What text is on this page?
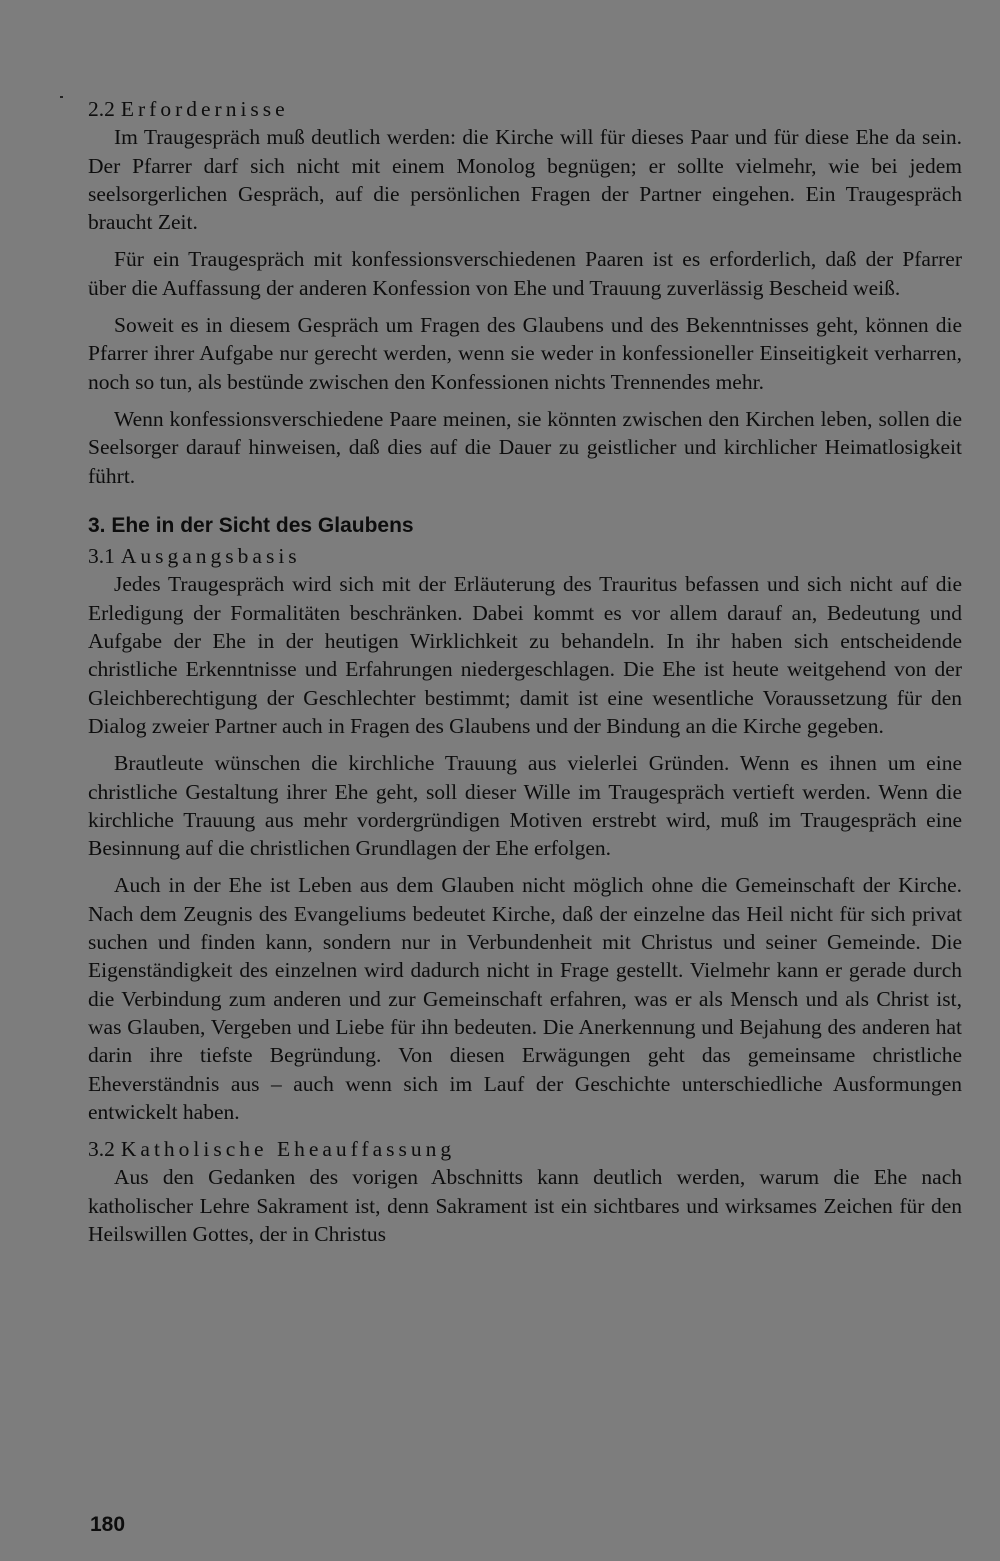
2.2 Erfordernisse

Im Traugespräch muß deutlich werden: die Kirche will für dieses Paar und für diese Ehe da sein. Der Pfarrer darf sich nicht mit einem Monolog begnügen; er sollte vielmehr, wie bei jedem seelsorgerlichen Gespräch, auf die persönlichen Fragen der Partner eingehen. Ein Traugespräch braucht Zeit.

Für ein Traugespräch mit konfessionsverschiedenen Paaren ist es erforderlich, daß der Pfarrer über die Auffassung der anderen Konfession von Ehe und Trauung zuverlässig Bescheid weiß.

Soweit es in diesem Gespräch um Fragen des Glaubens und des Bekenntnisses geht, können die Pfarrer ihrer Aufgabe nur gerecht werden, wenn sie weder in konfessioneller Einseitigkeit verharren, noch so tun, als bestünde zwischen den Konfessionen nichts Trennendes mehr.

Wenn konfessionsverschiedene Paare meinen, sie könnten zwischen den Kirchen leben, sollen die Seelsorger darauf hinweisen, daß dies auf die Dauer zu geistlicher und kirchlicher Heimatlosigkeit führt.

3. Ehe in der Sicht des Glaubens
3.1 Ausgangsbasis

Jedes Traugespräch wird sich mit der Erläuterung des Trauritus befassen und sich nicht auf die Erledigung der Formalitäten beschränken. Dabei kommt es vor allem darauf an, Bedeutung und Aufgabe der Ehe in der heutigen Wirklichkeit zu behandeln. In ihr haben sich entscheidende christliche Erkenntnisse und Erfahrungen niedergeschlagen. Die Ehe ist heute weitgehend von der Gleichberechtigung der Geschlechter bestimmt; damit ist eine wesentliche Voraussetzung für den Dialog zweier Partner auch in Fragen des Glaubens und der Bindung an die Kirche gegeben.

Brautleute wünschen die kirchliche Trauung aus vielerlei Gründen. Wenn es ihnen um eine christliche Gestaltung ihrer Ehe geht, soll dieser Wille im Traugespräch vertieft werden. Wenn die kirchliche Trauung aus mehr vordergründigen Motiven erstrebt wird, muß im Traugespräch eine Besinnung auf die christlichen Grundlagen der Ehe erfolgen.

Auch in der Ehe ist Leben aus dem Glauben nicht möglich ohne die Gemeinschaft der Kirche. Nach dem Zeugnis des Evangeliums bedeutet Kirche, daß der einzelne das Heil nicht für sich privat suchen und finden kann, sondern nur in Verbundenheit mit Christus und seiner Gemeinde. Die Eigenständigkeit des einzelnen wird dadurch nicht in Frage gestellt. Vielmehr kann er gerade durch die Verbindung zum anderen und zur Gemeinschaft erfahren, was er als Mensch und als Christ ist, was Glauben, Vergeben und Liebe für ihn bedeuten. Die Anerkennung und Bejahung des anderen hat darin ihre tiefste Begründung. Von diesen Erwägungen geht das gemeinsame christliche Eheverständnis aus – auch wenn sich im Lauf der Geschichte unterschiedliche Ausformungen entwickelt haben.

3.2 Katholische Eheauffassung

Aus den Gedanken des vorigen Abschnitts kann deutlich werden, warum die Ehe nach katholischer Lehre Sakrament ist, denn Sakrament ist ein sichtbares und wirksames Zeichen für den Heilswillen Gottes, der in Christus

180
